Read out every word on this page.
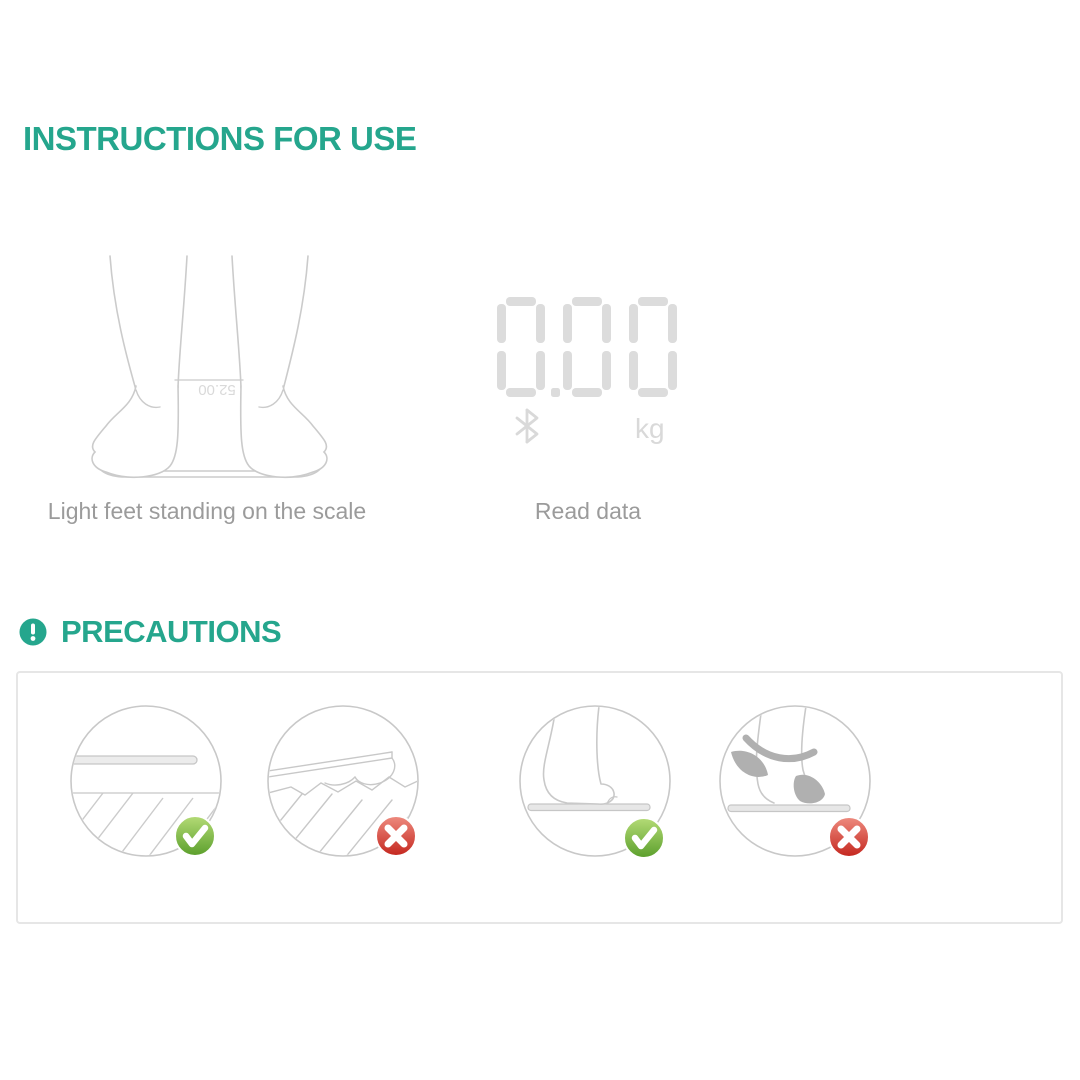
INSTRUCTIONS FOR USE
52.00
kg

Light feet standing on the scale	Read data

PRECAUTIONS
